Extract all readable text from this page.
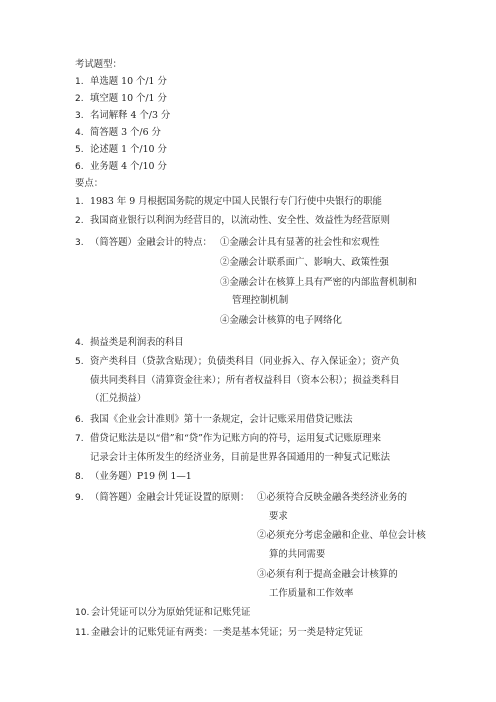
考试题型：
1. 单选题 10 个/1 分
2. 填空题 10 个/1 分
3. 名词解释 4 个/3 分
4. 简答题 3 个/6 分
5. 论述题 1 个/10 分
6. 业务题 4 个/10 分
要点：
1. 1983 年 9 月根据国务院的规定中国人民银行专门行使中央银行的职能
2. 我国商业银行以利润为经营目的，以流动性、安全性、效益性为经营原则
3. （简答题）金融会计的特点： ①金融会计具有显著的社会性和宏观性
②金融会计联系面广、影响大、政策性强
③金融会计在核算上具有严密的内部监督机制和
管理控制机制
④金融会计核算的电子网络化
4. 损益类是利润表的科目
5. 资产类科目（贷款含贴现）；负债类科目（同业拆入、存入保证金）；资产负
债共同类科目（清算资金往来）；所有者权益科目（资本公积）；损益类科目
（汇兑损益）
6. 我国《企业会计准则》第十一条规定，会计记账采用借贷记账法
7. 借贷记账法是以“借”和“贷”作为记账方向的符号，运用复式记账原理来
记录会计主体所发生的经济业务，目前是世界各国通用的一种复式记账法
8. （业务题）P19 例 1—1
9. （简答题）金融会计凭证设置的原则： ①必须符合反映金融各类经济业务的
要求
②必须充分考虑金融和企业、单位会计核
算的共同需要
③必须有利于提高金融会计核算的
工作质量和工作效率
10. 会计凭证可以分为原始凭证和记账凭证
11. 金融会计的记账凭证有两类：一类是基本凭证；另一类是特定凭证
